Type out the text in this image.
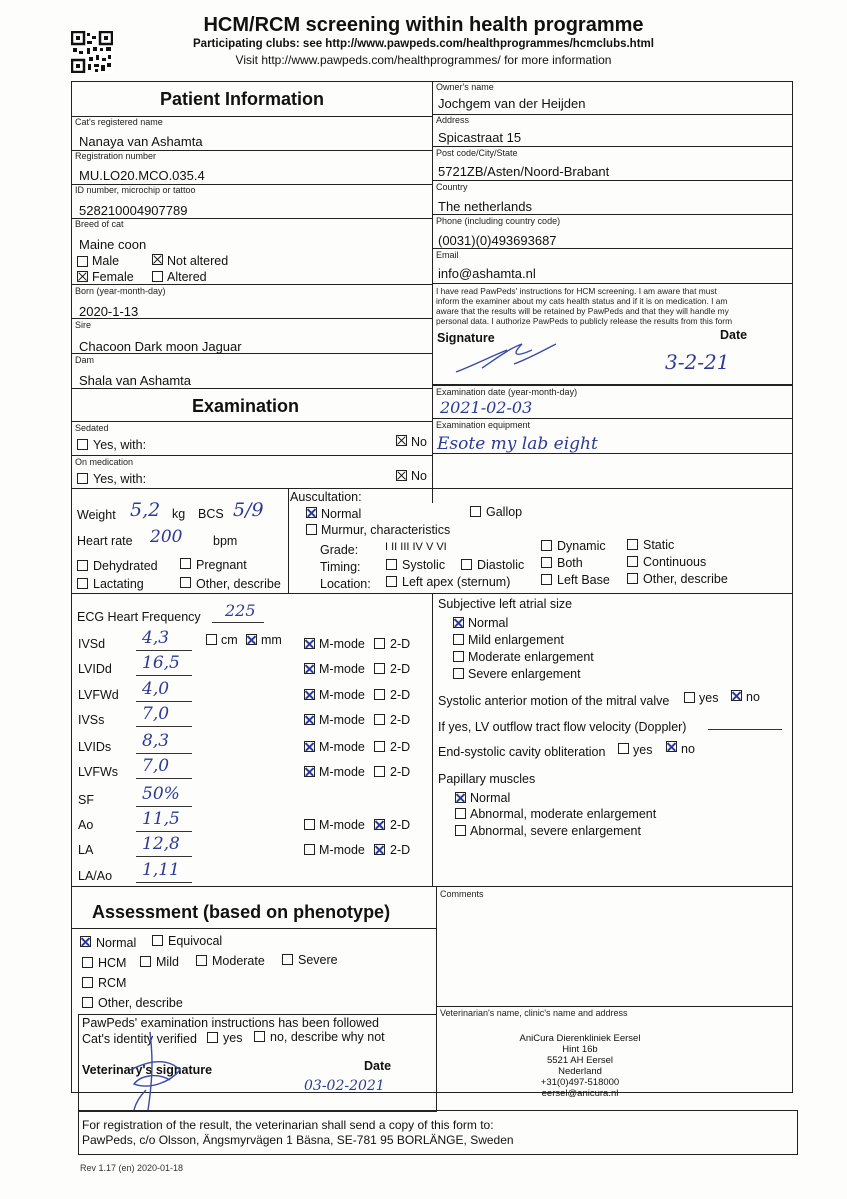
HCM/RCM screening within health programme
Participating clubs: see http://www.pawpeds.com/healthprogrammes/hcmclubs.html
Visit http://www.pawpeds.com/healthprogrammes/ for more information
Patient Information
Cat's registered name
Nanaya van Ashamta
Registration number
MU.LO20.MCO.035.4
ID number, microchip or tattoo
528210004907789
Breed of cat
Maine coon
Male	Not altered
Female	Altered
Born (year-month-day)
2020-1-13
Sire
Chacoon Dark moon Jaguar
Dam
Shala van Ashamta
Owner's name
Jochgem van der Heijden
Address
Spicastraat 15
Post code/City/State
5721ZB/Asten/Noord-Brabant
Country
The netherlands
Phone (including country code)
(0031)(0)493693687
Email
info@ashamta.nl
I have read PawPeds' instructions for HCM screening. I am aware that must
inform the examiner about my cats health status and if it is on medication. I am
aware that the results will be retained by PawPeds and that they will handle my
personal data. I authorize PawPeds to publicly release the results from this form
Signature	Date
3-2-21
Examination
Examination date (year-month-day)
2021-02-03
Examination equipment
Esote my lab eight
Sedated
Yes, with:	No
On medication
Yes, with:	No
Weight 5,2 kg BCS 5/9
Heart rate 200 bpm
Dehydrated	Pregnant
Lactating	Other, describe
Auscultation:
Normal	Gallop
Murmur, characteristics
Grade: I II III IV V VI
Timing:	Systolic	Diastolic
Location:	Left apex (sternum)
Dynamic
Both
Left Base
Static
Continuous
Other, describe
ECG Heart Frequency 225
cm mm
IVSd 4,3	M-mode 2-D
LVIDd 16,5	M-mode 2-D
LVFWd 4,0	M-mode 2-D
IVSs 7,0	M-mode 2-D
LVIDs 8,3	M-mode 2-D
LVFWs 7,0	M-mode 2-D
SF	50%
Ao	11,5	M-mode 2-D
LA	12,8	M-mode 2-D
LA/Ao 1,11
Subjective left atrial size
Normal
Mild enlargement
Moderate enlargement
Severe enlargement
Systolic anterior motion of the mitral valve yes no
If yes, LV outflow tract flow velocity (Doppler)
End-systolic cavity obliteration yes no
Papillary muscles
Normal
Abnormal, moderate enlargement
Abnormal, severe enlargement
Assessment (based on phenotype)
Comments
Normal	Equivocal
HCM Mild	Moderate	Severe
RCM
Other, describe
PawPeds' examination instructions has been followed
Cat's identity verified yes no, describe why not
Veterinary's signature	Date
03-02-2021
Veterinarian's name, clinic's name and address
AniCura Dierenkliniek Eersel
Hint 16b
5521 AH Eersel
Nederland
+31(0)497-518000
eersel@anicura.nl
For registration of the result, the veterinarian shall send a copy of this form to:
PawPeds, c/o Olsson, Ängsmyrvägen 1 Bäsna, SE-781 95 BORLÄNGE, Sweden
Rev 1.17 (en) 2020-01-18
